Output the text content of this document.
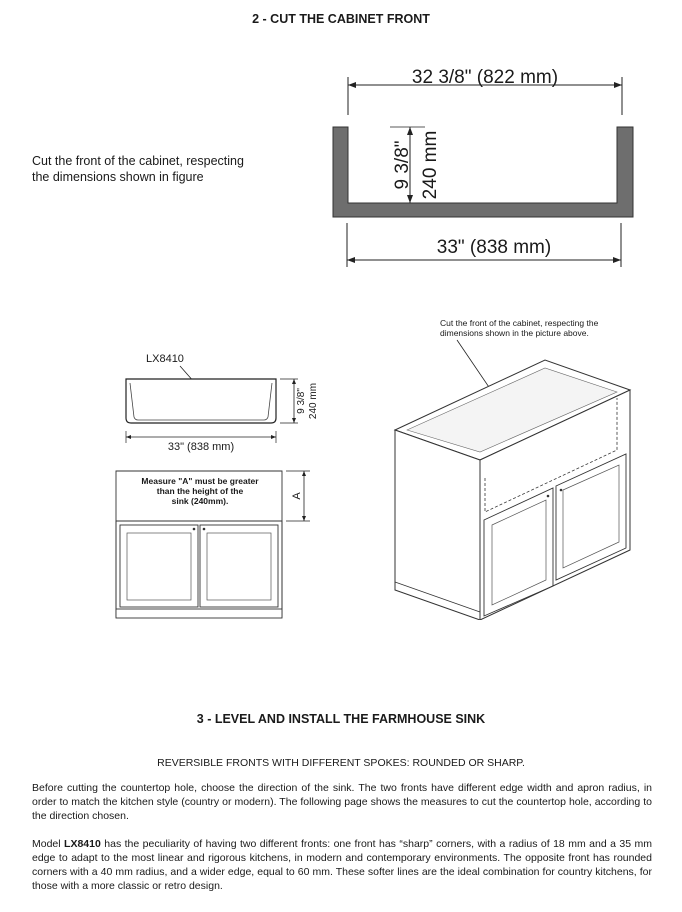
2 - CUT THE CABINET FRONT
Cut the front of the cabinet, respecting
the dimensions shown in figure
32 3/8" (822 mm)
9 3/8" 240 mm
33" (838 mm)
LX8410
9 3/8" 240 mm
33" (838 mm)
A
Measure "A" must be greater
than the height of the
sink (240mm).
Cut the front of the cabinet, respecting the
dimensions shown in the picture above.
3 - LEVEL AND INSTALL THE FARMHOUSE SINK
REVERSIBLE FRONTS WITH DIFFERENT SPOKES: ROUNDED OR SHARP.
Before cutting the countertop hole, choose the direction of the sink. The two fronts have different edge width and apron radius, in order to match the kitchen style (country or modern). The following page shows the measures to cut the countertop hole, according to the direction chosen.
Model LX8410 has the peculiarity of having two different fronts: one front has “sharp” corners, with a radius of 18 mm and a 35 mm edge to adapt to the most linear and rigorous kitchens, in modern and contemporary environments. The opposite front has rounded corners with a 40 mm radius, and a wider edge, equal to 60 mm. These softer lines are the ideal combination for country kitchens, for those with a more classic or retro design.
